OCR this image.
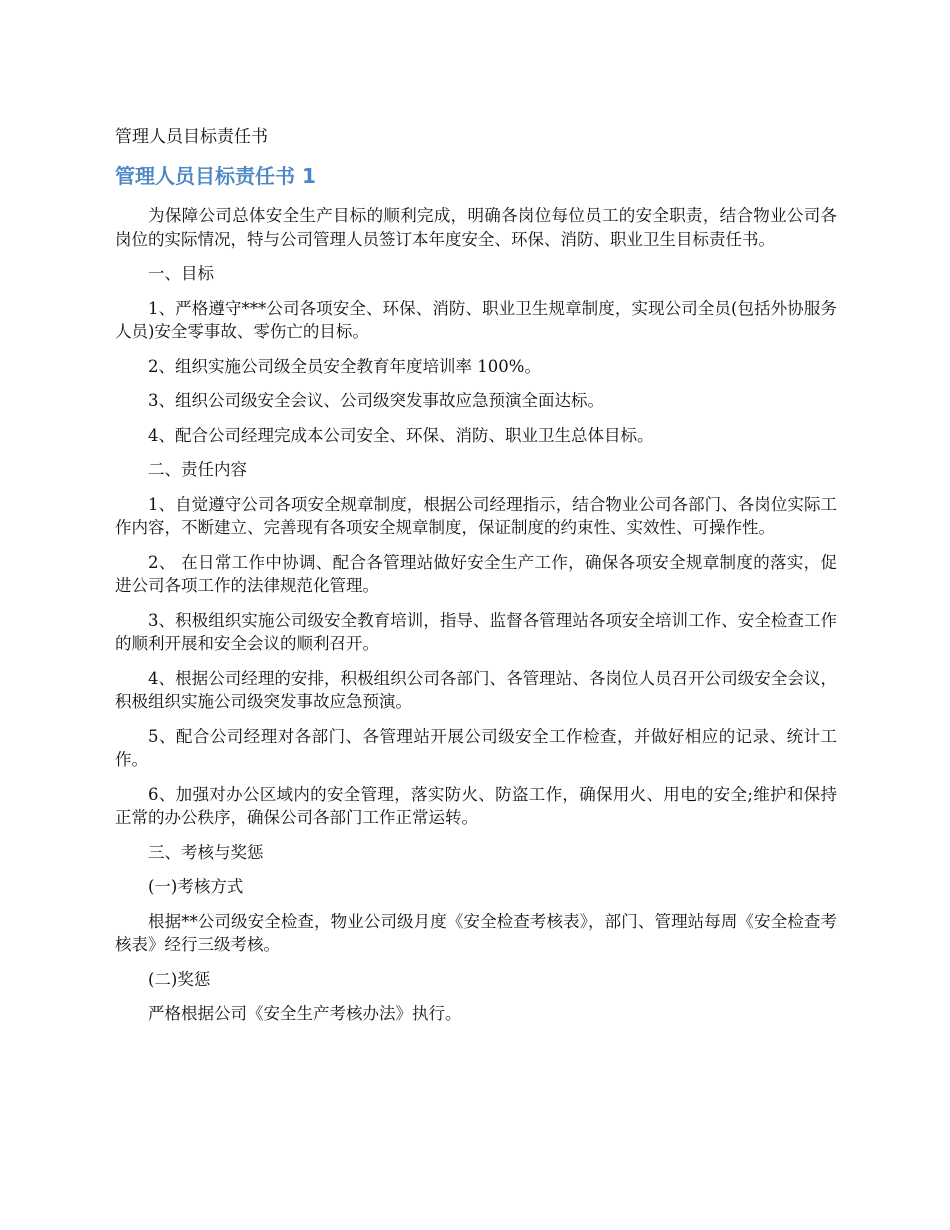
管理人员目标责任书
管理人员目标责任书 1

为保障公司总体安全生产目标的顺利完成，明确各岗位每位员工的安全职责，结合物业公司各岗位的实际情况，特与公司管理人员签订本年度安全、环保、消防、职业卫生目标责任书。

一、目标

1、严格遵守***公司各项安全、环保、消防、职业卫生规章制度，实现公司全员(包括外协服务人员)安全零事故、零伤亡的目标。

2、组织实施公司级全员安全教育年度培训率 100%。

3、组织公司级安全会议、公司级突发事故应急预演全面达标。

4、配合公司经理完成本公司安全、环保、消防、职业卫生总体目标。

二、责任内容

1、自觉遵守公司各项安全规章制度，根据公司经理指示，结合物业公司各部门、各岗位实际工作内容，不断建立、完善现有各项安全规章制度，保证制度的约束性、实效性、可操作性。

2、 在日常工作中协调、配合各管理站做好安全生产工作，确保各项安全规章制度的落实，促进公司各项工作的法律规范化管理。

3、积极组织实施公司级安全教育培训，指导、监督各管理站各项安全培训工作、安全检查工作的顺利开展和安全会议的顺利召开。

4、根据公司经理的安排，积极组织公司各部门、各管理站、各岗位人员召开公司级安全会议，积极组织实施公司级突发事故应急预演。

5、配合公司经理对各部门、各管理站开展公司级安全工作检查，并做好相应的记录、统计工作。

6、加强对办公区域内的安全管理，落实防火、防盗工作，确保用火、用电的安全;维护和保持正常的办公秩序，确保公司各部门工作正常运转。

三、考核与奖惩

(一)考核方式

根据**公司级安全检查，物业公司级月度《安全检查考核表》，部门、管理站每周《安全检查考核表》经行三级考核。

(二)奖惩

严格根据公司《安全生产考核办法》执行。
